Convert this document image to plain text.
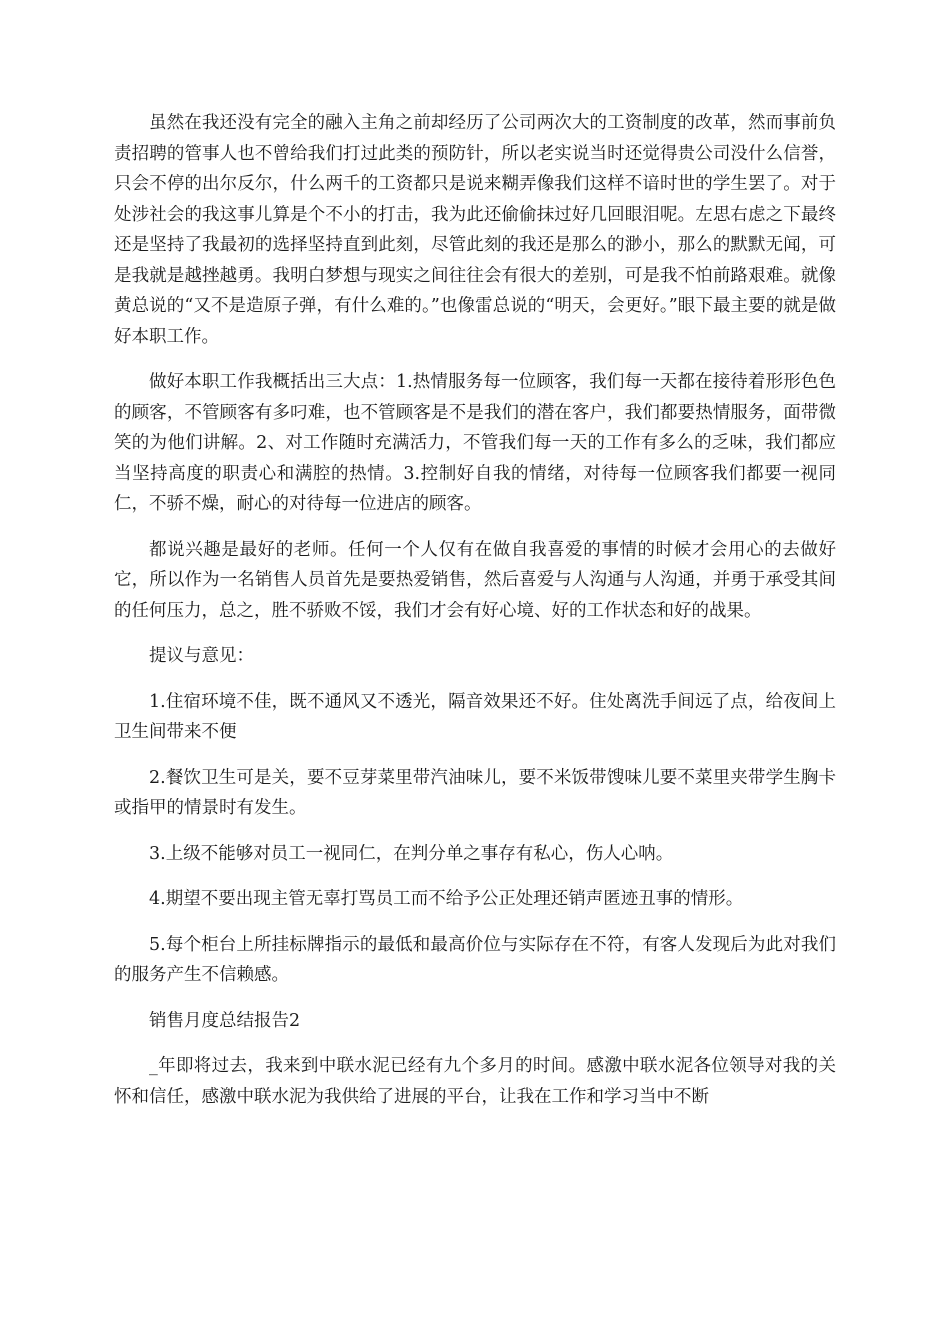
虽然在我还没有完全的融入主角之前却经历了公司两次大的工资制度的改革，然而事前负责招聘的管事人也不曾给我们打过此类的预防针，所以老实说当时还觉得贵公司没什么信誉，只会不停的出尔反尔，什么两千的工资都只是说来糊弄像我们这样不谙时世的学生罢了。对于处涉社会的我这事儿算是个不小的打击，我为此还偷偷抹过好几回眼泪呢。左思右虑之下最终还是坚持了我最初的选择坚持直到此刻，尽管此刻的我还是那么的渺小，那么的默默无闻，可是我就是越挫越勇。我明白梦想与现实之间往往会有很大的差别，可是我不怕前路艰难。就像黄总说的“又不是造原子弹，有什么难的。”也像雷总说的“明天，会更好。”眼下最主要的就是做好本职工作。

做好本职工作我概括出三大点：1.热情服务每一位顾客，我们每一天都在接待着形形色色的顾客，不管顾客有多叼难，也不管顾客是不是我们的潜在客户，我们都要热情服务，面带微笑的为他们讲解。2、对工作随时充满活力，不管我们每一天的工作有多么的乏味，我们都应当坚持高度的职责心和满腔的热情。3.控制好自我的情绪，对待每一位顾客我们都要一视同仁，不骄不燥，耐心的对待每一位进店的顾客。

都说兴趣是最好的老师。任何一个人仅有在做自我喜爱的事情的时候才会用心的去做好它，所以作为一名销售人员首先是要热爱销售，然后喜爱与人沟通与人沟通，并勇于承受其间的任何压力，总之，胜不骄败不馁，我们才会有好心境、好的工作状态和好的战果。

提议与意见：

1.住宿环境不佳，既不通风又不透光，隔音效果还不好。住处离洗手间远了点，给夜间上卫生间带来不便

2.餐饮卫生可是关，要不豆芽菜里带汽油味儿，要不米饭带馊味儿要不菜里夹带学生胸卡或指甲的情景时有发生。

3.上级不能够对员工一视同仁，在判分单之事存有私心，伤人心呐。

4.期望不要出现主管无辜打骂员工而不给予公正处理还销声匿迹丑事的情形。

5.每个柜台上所挂标牌指示的最低和最高价位与实际存在不符，有客人发现后为此对我们的服务产生不信赖感。

销售月度总结报告2

_年即将过去，我来到中联水泥已经有九个多月的时间。感激中联水泥各位领导对我的关怀和信任，感激中联水泥为我供给了进展的平台，让我在工作和学习当中不断
